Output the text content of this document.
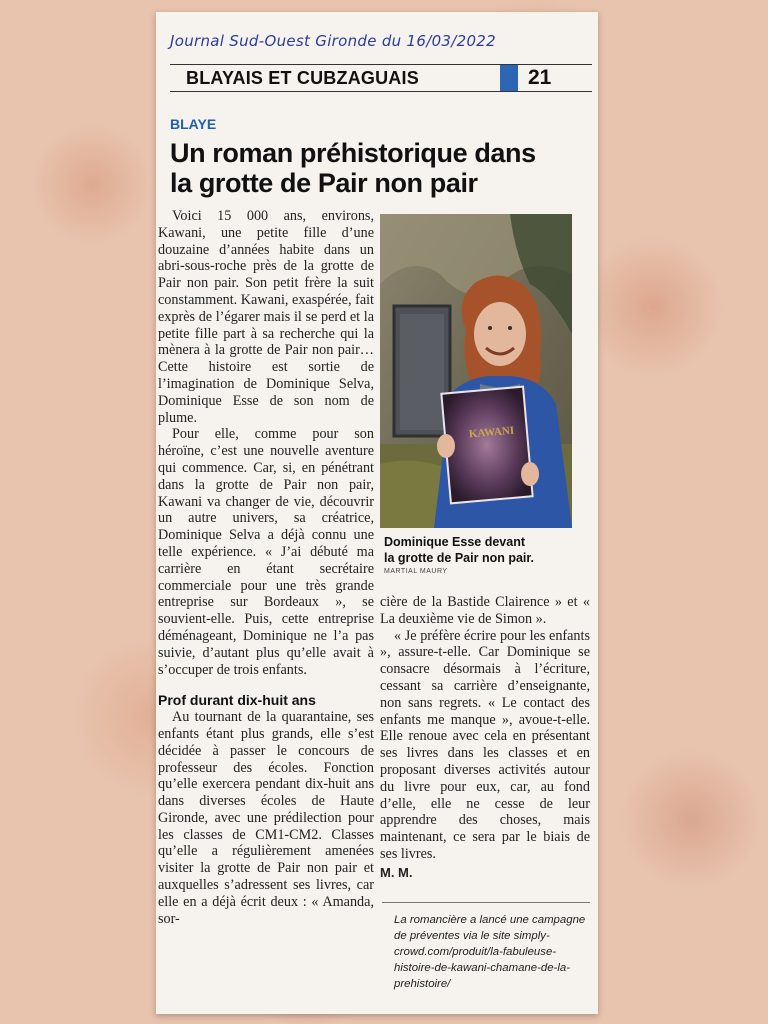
Journal Sud-Ouest Gironde du 16/03/2022
BLAYAIS ET CUBZAGUAIS	21
BLAYE
Un roman préhistorique dans
la grotte de Pair non pair

Voici 15 000 ans, environs, Kawani, une petite fille d’une douzaine d’années habite dans un abri-sous-roche près de la grotte de Pair non pair. Son petit frère la suit constamment. Kawani, exaspérée, fait exprès de l’égarer mais il se perd et la petite fille part à sa recherche qui la mènera à la grotte de Pair non pair… Cette histoire est sortie de l’imagination de Dominique Selva, Dominique Esse de son nom de plume.

Pour elle, comme pour son héroïne, c’est une nouvelle aventure qui commence. Car, si, en pénétrant dans la grotte de Pair non pair, Kawani va changer de vie, découvrir un autre univers, sa créatrice, Dominique Selva a déjà connu une telle expérience. « J’ai débuté ma carrière en étant secrétaire commerciale pour une très grande entreprise sur Bordeaux », se souvient-elle. Puis, cette entreprise déménageant, Dominique ne l’a pas suivie, d’autant plus qu’elle avait à s’occuper de trois enfants.

Prof durant dix-huit ans

Au tournant de la quarantaine, ses enfants étant plus grands, elle s’est décidée à passer le concours de professeur des écoles. Fonction qu’elle exercera pendant dix-huit ans dans diverses écoles de Haute Gironde, avec une prédilection pour les classes de CM1-CM2. Classes qu’elle a régulièrement amenées visiter la grotte de Pair non pair et auxquelles s’adressent ses livres, car elle en a déjà écrit deux : « Amanda, sor-

KAWANI
Dominique Esse devant
la grotte de Pair non pair.
MARTIAL MAURY

cière de la Bastide Clairence » et « La deuxième vie de Simon ».

« Je préfère écrire pour les enfants », assure-t-elle. Car Dominique se consacre désormais à l’écriture, cessant sa carrière d’enseignante, non sans regrets. « Le contact des enfants me manque », avoue-t-elle. Elle renoue avec cela en présentant ses livres dans les classes et en proposant diverses activités autour du livre pour eux, car, au fond d’elle, elle ne cesse de leur apprendre des choses, mais maintenant, ce sera par le biais de ses livres.

M. M.

La romancière a lancé une campagne de préventes via le site simply-crowd.com/produit/la-fabuleuse-histoire-de-kawani-chamane-de-la-prehistoire/
